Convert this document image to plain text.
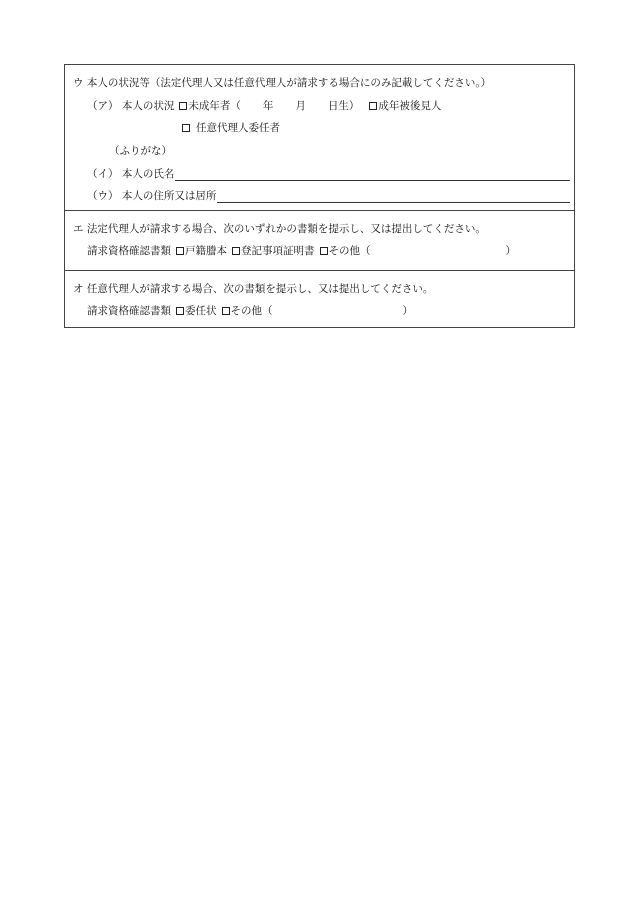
ウ 本人の状況等（法定代理人又は任意代理人が請求する場合にのみ記載してください。）
（ア） 本人の状況 未成年者（ 年 月 日生） 成年被後見人
任意代理人委任者
（ふりがな）
（イ） 本人の氏名
（ウ） 本人の住所又は居所
エ 法定代理人が請求する場合、次のいずれかの書類を提示し、又は提出してください。
請求資格確認書類 戸籍謄本 登記事項証明書 その他（	）
オ 任意代理人が請求する場合、次の書類を提示し、又は提出してください。
請求資格確認書類 委任状 その他（	）
